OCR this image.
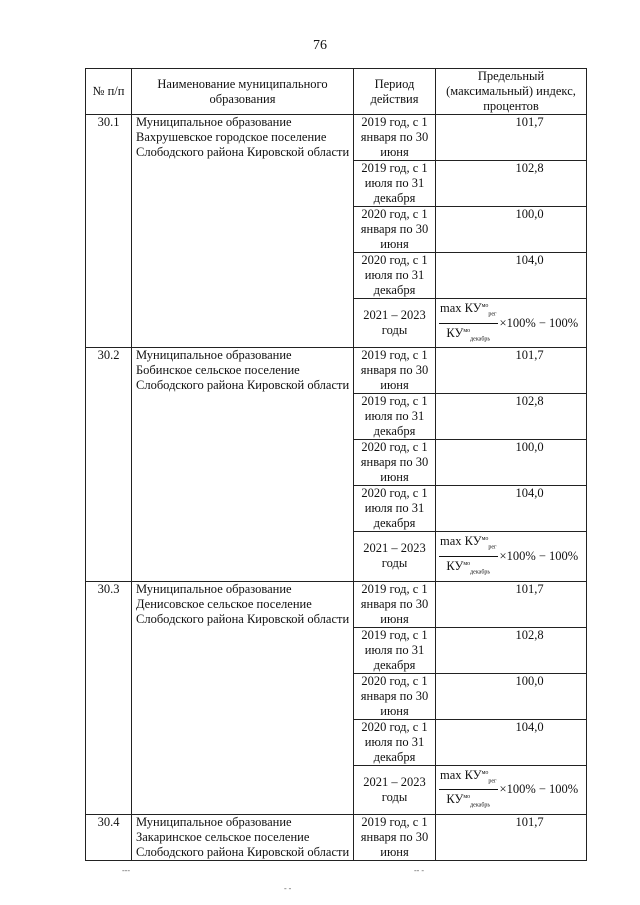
76
№ п/п	Наименование муниципального образования	Период действия	Предельный (максимальный) индекс, процентов
30.1	Муниципальное образование Вахрушевское городское поселение Слободского района Кировской области	2019 год, с 1 января по 30 июня	101,7
		2019 год, с 1 июля по 31 декабря	102,8
		2020 год, с 1 января по 30 июня	100,0
		2020 год, с 1 июля по 31 декабря	104,0
		2021 – 2023 годы	$\frac{\max КУ^{мо}_{рег}}{КУ^{мо}_{декабрь}} \times 100\% - 100\%$

30.2	Муниципальное образование Бобинское сельское поселение Слободского района Кировской области	2019 год, с 1 января по 30 июня	101,7
		2019 год, с 1 июля по 31 декабря	102,8
		2020 год, с 1 января по 30 июня	100,0
		2020 год, с 1 июля по 31 декабря	104,0
		2021 – 2023 годы	$\frac{\max КУ^{мо}_{рег}}{КУ^{мо}_{декабрь}} \times 100\% - 100\%$

30.3	Муниципальное образование Денисовское сельское поселение Слободского района Кировской области	2019 год, с 1 января по 30 июня	101,7
		2019 год, с 1 июля по 31 декабря	102,8
		2020 год, с 1 января по 30 июня	100,0
		2020 год, с 1 июля по 31 декабря	104,0
		2021 – 2023 годы	$\frac{\max КУ^{мо}_{рег}}{КУ^{мо}_{декабрь}} \times 100\% - 100\%$

30.4	Муниципальное образование Закаринское сельское поселение Слободского района Кировской области	2019 год, с 1 января по 30 июня	101,7
‑‑‑
‑ ‑
‑‑ ‑
